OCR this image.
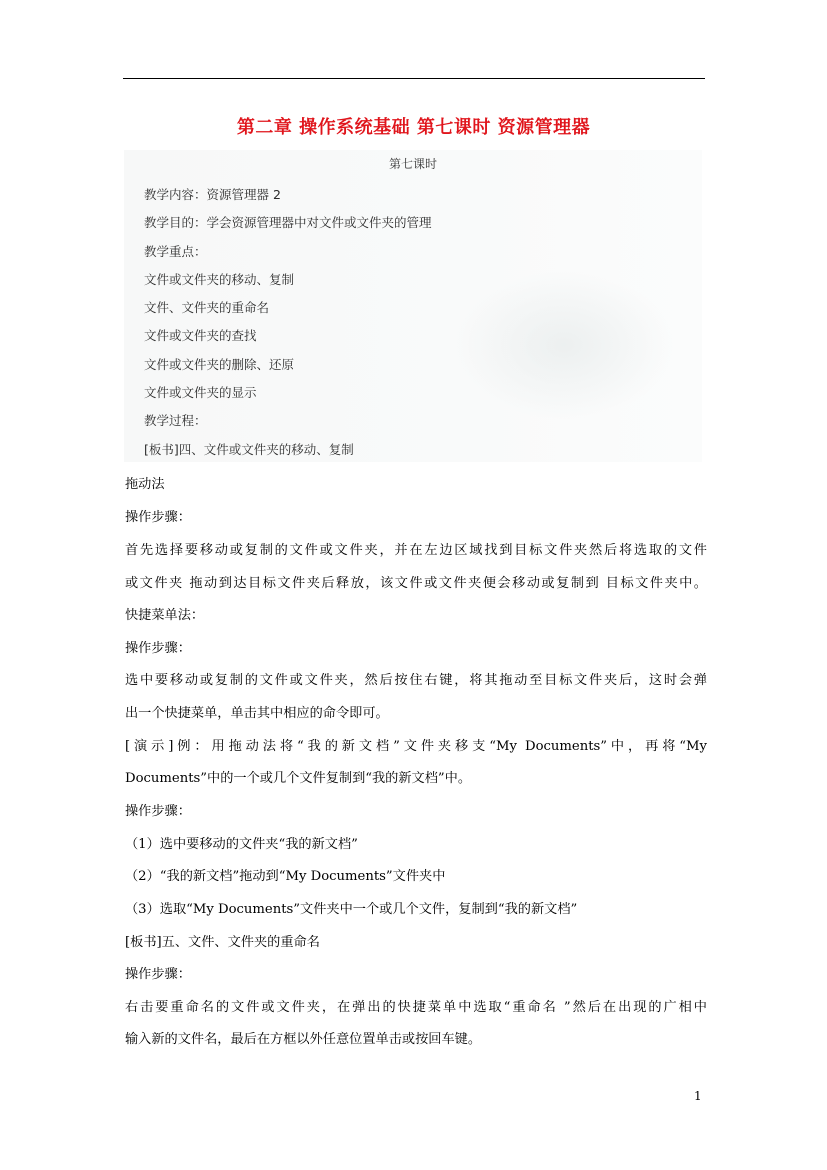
第二章 操作系统基础 第七课时 资源管理器
第七课时
教学内容：资源管理器 2
教学目的：学会资源管理器中对文件或文件夹的管理
教学重点：
文件或文件夹的移动、复制
文件、文件夹的重命名
文件或文件夹的查找
文件或文件夹的删除、还原
文件或文件夹的显示
教学过程：
[板书]四、文件或文件夹的移动、复制
拖动法
操作步骤：
首先选择要移动或复制的文件或文件夹，并在左边区域找到目标文件夹然后将选取的文件
或文件夹 拖动到达目标文件夹后释放，该文件或文件夹便会移动或复制到 目标文件夹中。
快捷菜单法：
操作步骤：
选中要移动或复制的文件或文件夹，然后按住右键，将其拖动至目标文件夹后，这时会弹
出一个快捷菜单，单击其中相应的命令即可。
[演示]例：用拖动法将“我的新文档”文件夹移支“My Documents”中，再将“My
Documents”中的一个或几个文件复制到“我的新文档”中。
操作步骤：
（1）选中要移动的文件夹“我的新文档”
（2）“我的新文档”拖动到“My Documents”文件夹中
（3）选取“My Documents”文件夹中一个或几个文件，复制到“我的新文档”
[板书]五、文件、文件夹的重命名
操作步骤：
右击要重命名的文件或文件夹，在弹出的快捷菜单中选取“重命名 ”然后在出现的广相中
输入新的文件名，最后在方框以外任意位置单击或按回车键。
1
